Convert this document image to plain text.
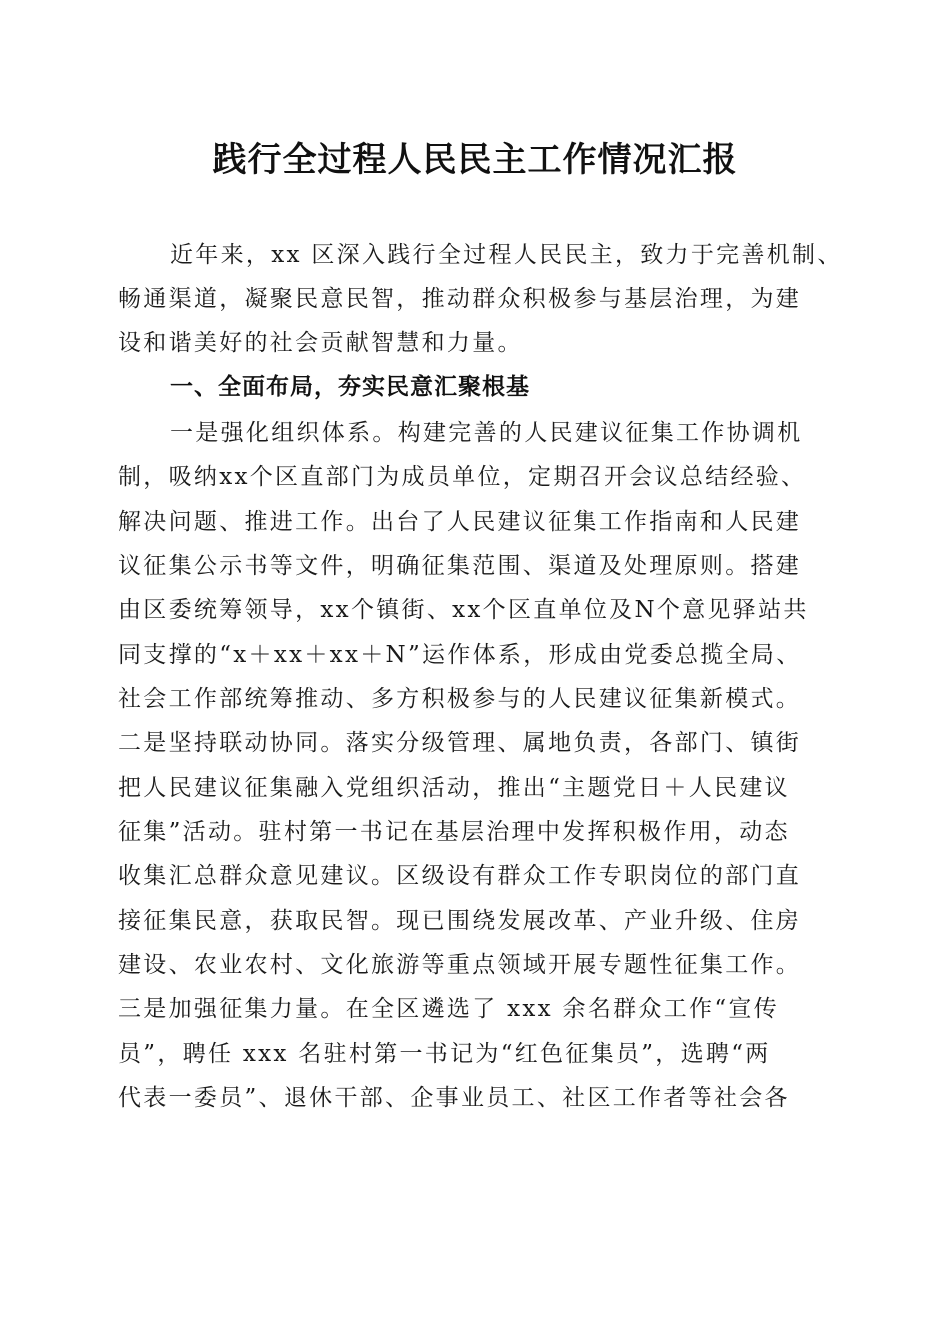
践行全过程人民民主工作情况汇报
近年来，xx 区深入践行全过程人民民主，致力于完善机制、
畅通渠道，凝聚民意民智，推动群众积极参与基层治理，为建
设和谐美好的社会贡献智慧和力量。
一、全面布局，夯实民意汇聚根基
一是强化组织体系。构建完善的人民建议征集工作协调机
制，吸纳xx个区直部门为成员单位，定期召开会议总结经验、
解决问题、推进工作。出台了人民建议征集工作指南和人民建
议征集公示书等文件，明确征集范围、渠道及处理原则。搭建
由区委统筹领导，xx个镇街、xx个区直单位及N个意见驿站共
同支撑的“x＋xx＋xx＋N”运作体系，形成由党委总揽全局、
社会工作部统筹推动、多方积极参与的人民建议征集新模式。
二是坚持联动协同。落实分级管理、属地负责，各部门、镇街
把人民建议征集融入党组织活动，推出“主题党日＋人民建议
征集”活动。驻村第一书记在基层治理中发挥积极作用，动态
收集汇总群众意见建议。区级设有群众工作专职岗位的部门直
接征集民意，获取民智。现已围绕发展改革、产业升级、住房
建设、农业农村、文化旅游等重点领域开展专题性征集工作。
三是加强征集力量。在全区遴选了 xxx 余名群众工作“宣传
员”，聘任 xxx 名驻村第一书记为“红色征集员”，选聘“两
代表一委员”、退休干部、企事业员工、社区工作者等社会各
